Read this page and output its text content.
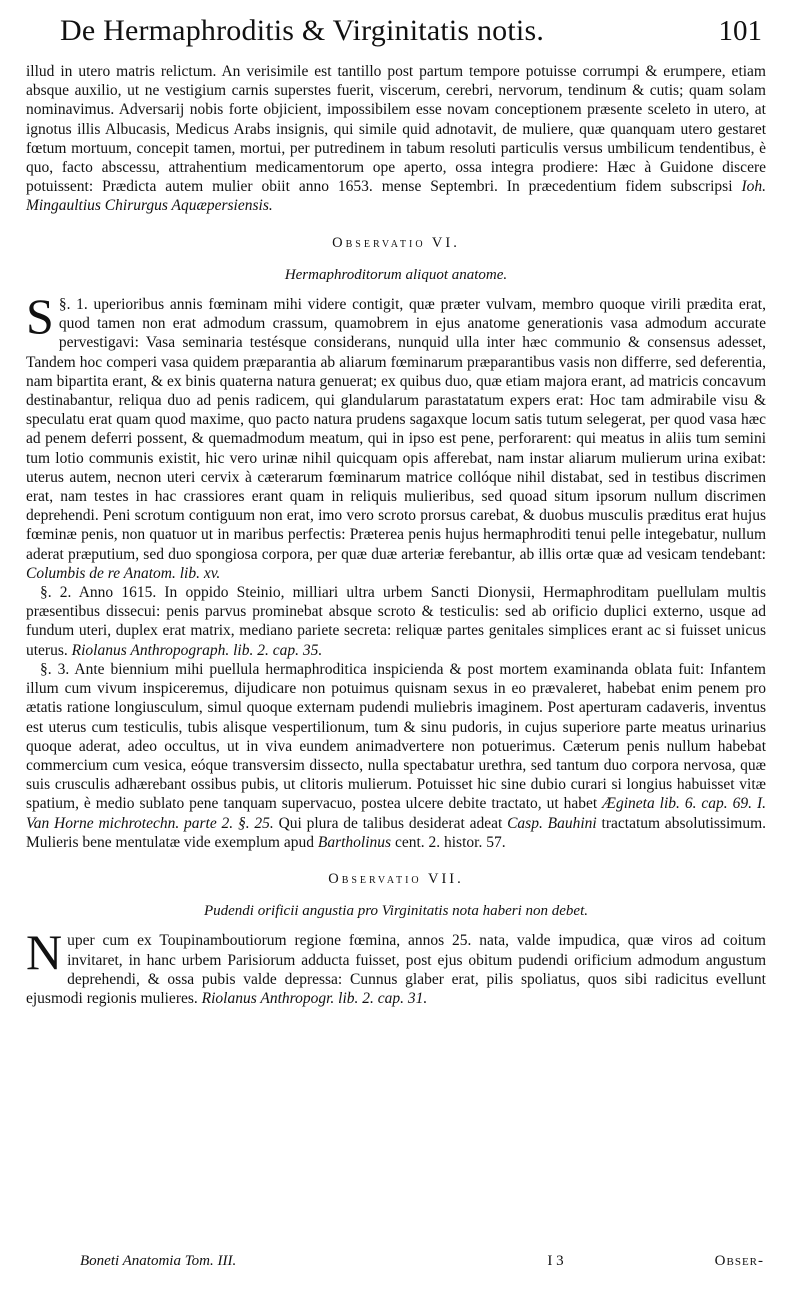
De Hermaphroditis & Virginitatis notis.	101

illud in utero matris relictum. An verisimile est tantillo post partum tempore potuisse corrumpi & erumpere, etiam absque auxilio, ut ne vestigium carnis superstes fuerit, viscerum, cerebri, nervorum, tendinum & cutis; quam solam nominavimus. Adversarij nobis forte objicient, impossibilem esse novam conceptionem præsente sceleto in utero, at ignotus illis Albucasis, Medicus Arabs insignis, qui simile quid adnotavit, de muliere, quæ quanquam utero gestaret fœtum mortuum, concepit tamen, mortui, per putredinem in tabum resoluti particulis versus umbilicum tendentibus, è quo, facto abscessu, attrahentium medicamentorum ope aperto, ossa integra prodiere: Hæc à Guidone discere potuissent: Prædicta autem mulier obiit anno 1653. mense Septembri. In præcedentium fidem subscripsi Ioh. Mingaultius Chirurgus Aquæpersiensis.

Observatio VI.
Hermaphroditorum aliquot anatome.

§. 1.
S	uperioribus annis fœminam mihi videre contigit, quæ præter vulvam, membro quoque virili prædita erat, quod tamen non erat admodum crassum, quamobrem in ejus anatome generationis vasa admodum accurate pervestigavi: Vasa seminaria testésque considerans, nunquid ulla inter hæc communio & consensus adesset, Tandem hoc comperi vasa quidem præparantia ab aliarum fœminarum præparantibus vasis non differre, sed deferentia, nam bipartita erant, & ex binis quaterna natura genuerat; ex quibus duo, quæ etiam majora erant, ad matricis concavum destinabantur, reliqua duo ad penis radicem, qui glandularum parastatatum expers erat: Hoc tam admirabile visu & speculatu erat quam quod maxime, quo pacto natura prudens sagaxque locum satis tutum selegerat, per quod vasa hæc ad penem deferri possent, & quemadmodum meatum, qui in ipso est pene, perforarent: qui meatus in aliis tum semini tum lotio communis existit, hic vero urinæ nihil quicquam opis afferebat, nam instar aliarum mulierum urina exibat: uterus autem, necnon uteri cervix à cæterarum fœminarum matrice collóque nihil distabat, sed in testibus discrimen erat, nam testes in hac crassiores erant quam in reliquis mulieribus, sed quoad situm ipsorum nullum discrimen deprehendi. Peni scrotum contiguum non erat, imo vero scroto prorsus carebat, & duobus musculis præditus erat hujus fœminæ penis, non quatuor ut in maribus perfectis: Præterea penis hujus hermaphroditi tenui pelle integebatur, nullum aderat præputium, sed duo spongiosa corpora, per quæ duæ arteriæ ferebantur, ab illis ortæ quæ ad vesicam tendebant: Columbis de re Anatom. lib. xv.

§. 2. Anno 1615. In oppido Steinio, milliari ultra urbem Sancti Dionysii, Hermaphroditam puellulam multis præsentibus dissecui: penis parvus prominebat absque scroto & testiculis: sed ab orificio duplici externo, usque ad fundum uteri, duplex erat matrix, mediano pariete secreta: reliquæ partes genitales simplices erant ac si fuisset unicus uterus. Riolanus Anthropograph. lib. 2. cap. 35.

§. 3. Ante biennium mihi puellula hermaphroditica inspicienda & post mortem examinanda oblata fuit: Infantem illum cum vivum inspiceremus, dijudicare non potuimus quisnam sexus in eo prævaleret, habebat enim penem pro ætatis ratione longiusculum, simul quoque externam pudendi muliebris imaginem. Post aperturam cadaveris, inventus est uterus cum testiculis, tubis alisque vespertilionum, tum & sinu pudoris, in cujus superiore parte meatus urinarius quoque aderat, adeo occultus, ut in viva eundem animadvertere non potuerimus. Cæterum penis nullum habebat commercium cum vesica, eóque transversim dissecto, nulla spectabatur urethra, sed tantum duo corpora nervosa, quæ suis crusculis adhærebant ossibus pubis, ut clitoris mulierum. Potuisset hic sine dubio curari si longius habuisset vitæ spatium, è medio sublato pene tanquam supervacuo, postea ulcere debite tractato, ut habet Ægineta lib. 6. cap. 69. I. Van Horne michrotechn. parte 2. §. 25. Qui plura de talibus desiderat adeat Casp. Bauhini tractatum absolutissimum. Mulieris bene mentulatæ vide exemplum apud Bartholinus cent. 2. histor. 57.

Observatio VII.
Pudendi orificii angustia pro Virginitatis nota haberi non debet.

N uper cum ex Toupinamboutiorum regione fœmina, annos 25. nata, valde impudica, quæ viros ad coitum invitaret, in hanc urbem Parisiorum adducta fuisset, post ejus obitum pudendi orificium admodum angustum deprehendi, & ossa pubis valde depressa: Cunnus glaber erat, pilis spoliatus, quos sibi radicitus evellunt ejusmodi regionis mulieres. Riolanus Anthropogr. lib. 2. cap. 31.

Boneti Anatomia Tom. III.	I 3	Obser-
